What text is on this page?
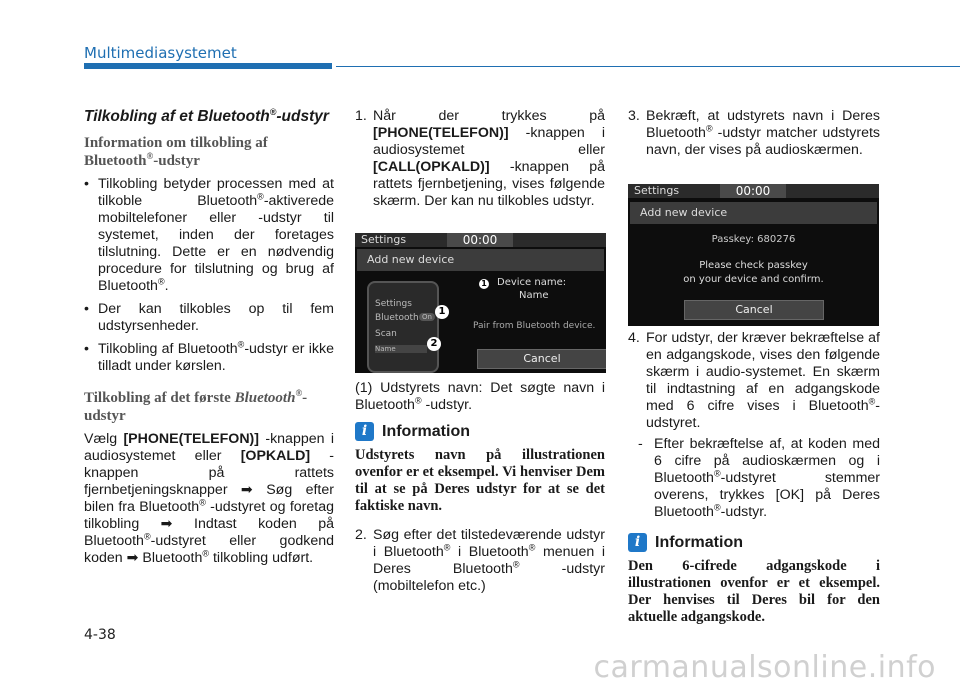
Multimediasystemet
Tilkobling af et Bluetooth®-udstyr
Information om tilkobling af Bluetooth®-udstyr
• Tilkobling betyder processen med at tilkoble Bluetooth®-aktiverede mobiltelefoner eller -udstyr til systemet, inden der foretages tilslutning. Dette er en nødvendig procedure for tilslutning og brug af Bluetooth®.
• Der kan tilkobles op til fem udstyrsenheder.
• Tilkobling af Bluetooth®-udstyr er ikke tilladt under kørslen.
Tilkobling af det første Bluetooth®-udstyr

Vælg [PHONE(TELEFON)] -knappen i audiosystemet eller [OPKALD] -knappen på rattets fjernbetjeningsknapper ➡ Søg efter bilen fra Bluetooth® -udstyret og foretag tilkobling ➡ Indtast koden på Bluetooth®-udstyret eller godkend koden ➡ Bluetooth® tilkobling udført.

1. Når der trykkes på [PHONE(TELEFON)] -knappen i audiosystemet eller [CALL(OPKALD)] -knappen på rattets fjernbetjening, vises følgende skærm. Der kan nu tilkobles udstyr.
Settings	00:00
Add new device
Settings
Bluetooth On
Scan
Name
1
2
1 Device name:
Name
Pair from Bluetooth device.
Cancel
(1) Udstyrets navn: Det søgte navn i Bluetooth® -udstyr.
i Information
Udstyrets navn på illustrationen ovenfor er et eksempel. Vi henviser Dem til at se på Deres udstyr for at se det faktiske navn.
2. Søg efter det tilstedeværende udstyr i Bluetooth® i Bluetooth® menuen i Deres Bluetooth® -udstyr (mobiltelefon etc.)
3. Bekræft, at udstyrets navn i Deres Bluetooth® -udstyr matcher udstyrets navn, der vises på audioskærmen.
Settings	00:00
Add new device
Passkey: 680276
Please check passkey
on your device and confirm.
Cancel
4. For udstyr, der kræver bekræftelse af en adgangskode, vises den følgende skærm i audio-systemet. En skærm til indtastning af en adgangskode med 6 cifre vises i Bluetooth®-udstyret.
- Efter bekræftelse af, at koden med 6 cifre på audioskærmen og i Bluetooth®-udstyret stemmer overens, trykkes [OK] på Deres Bluetooth®-udstyr.
i Information
Den 6-cifrede adgangskode i illustrationen ovenfor er et eksempel. Der henvises til Deres bil for den aktuelle adgangskode.
4-38
carmanualsonline.info
